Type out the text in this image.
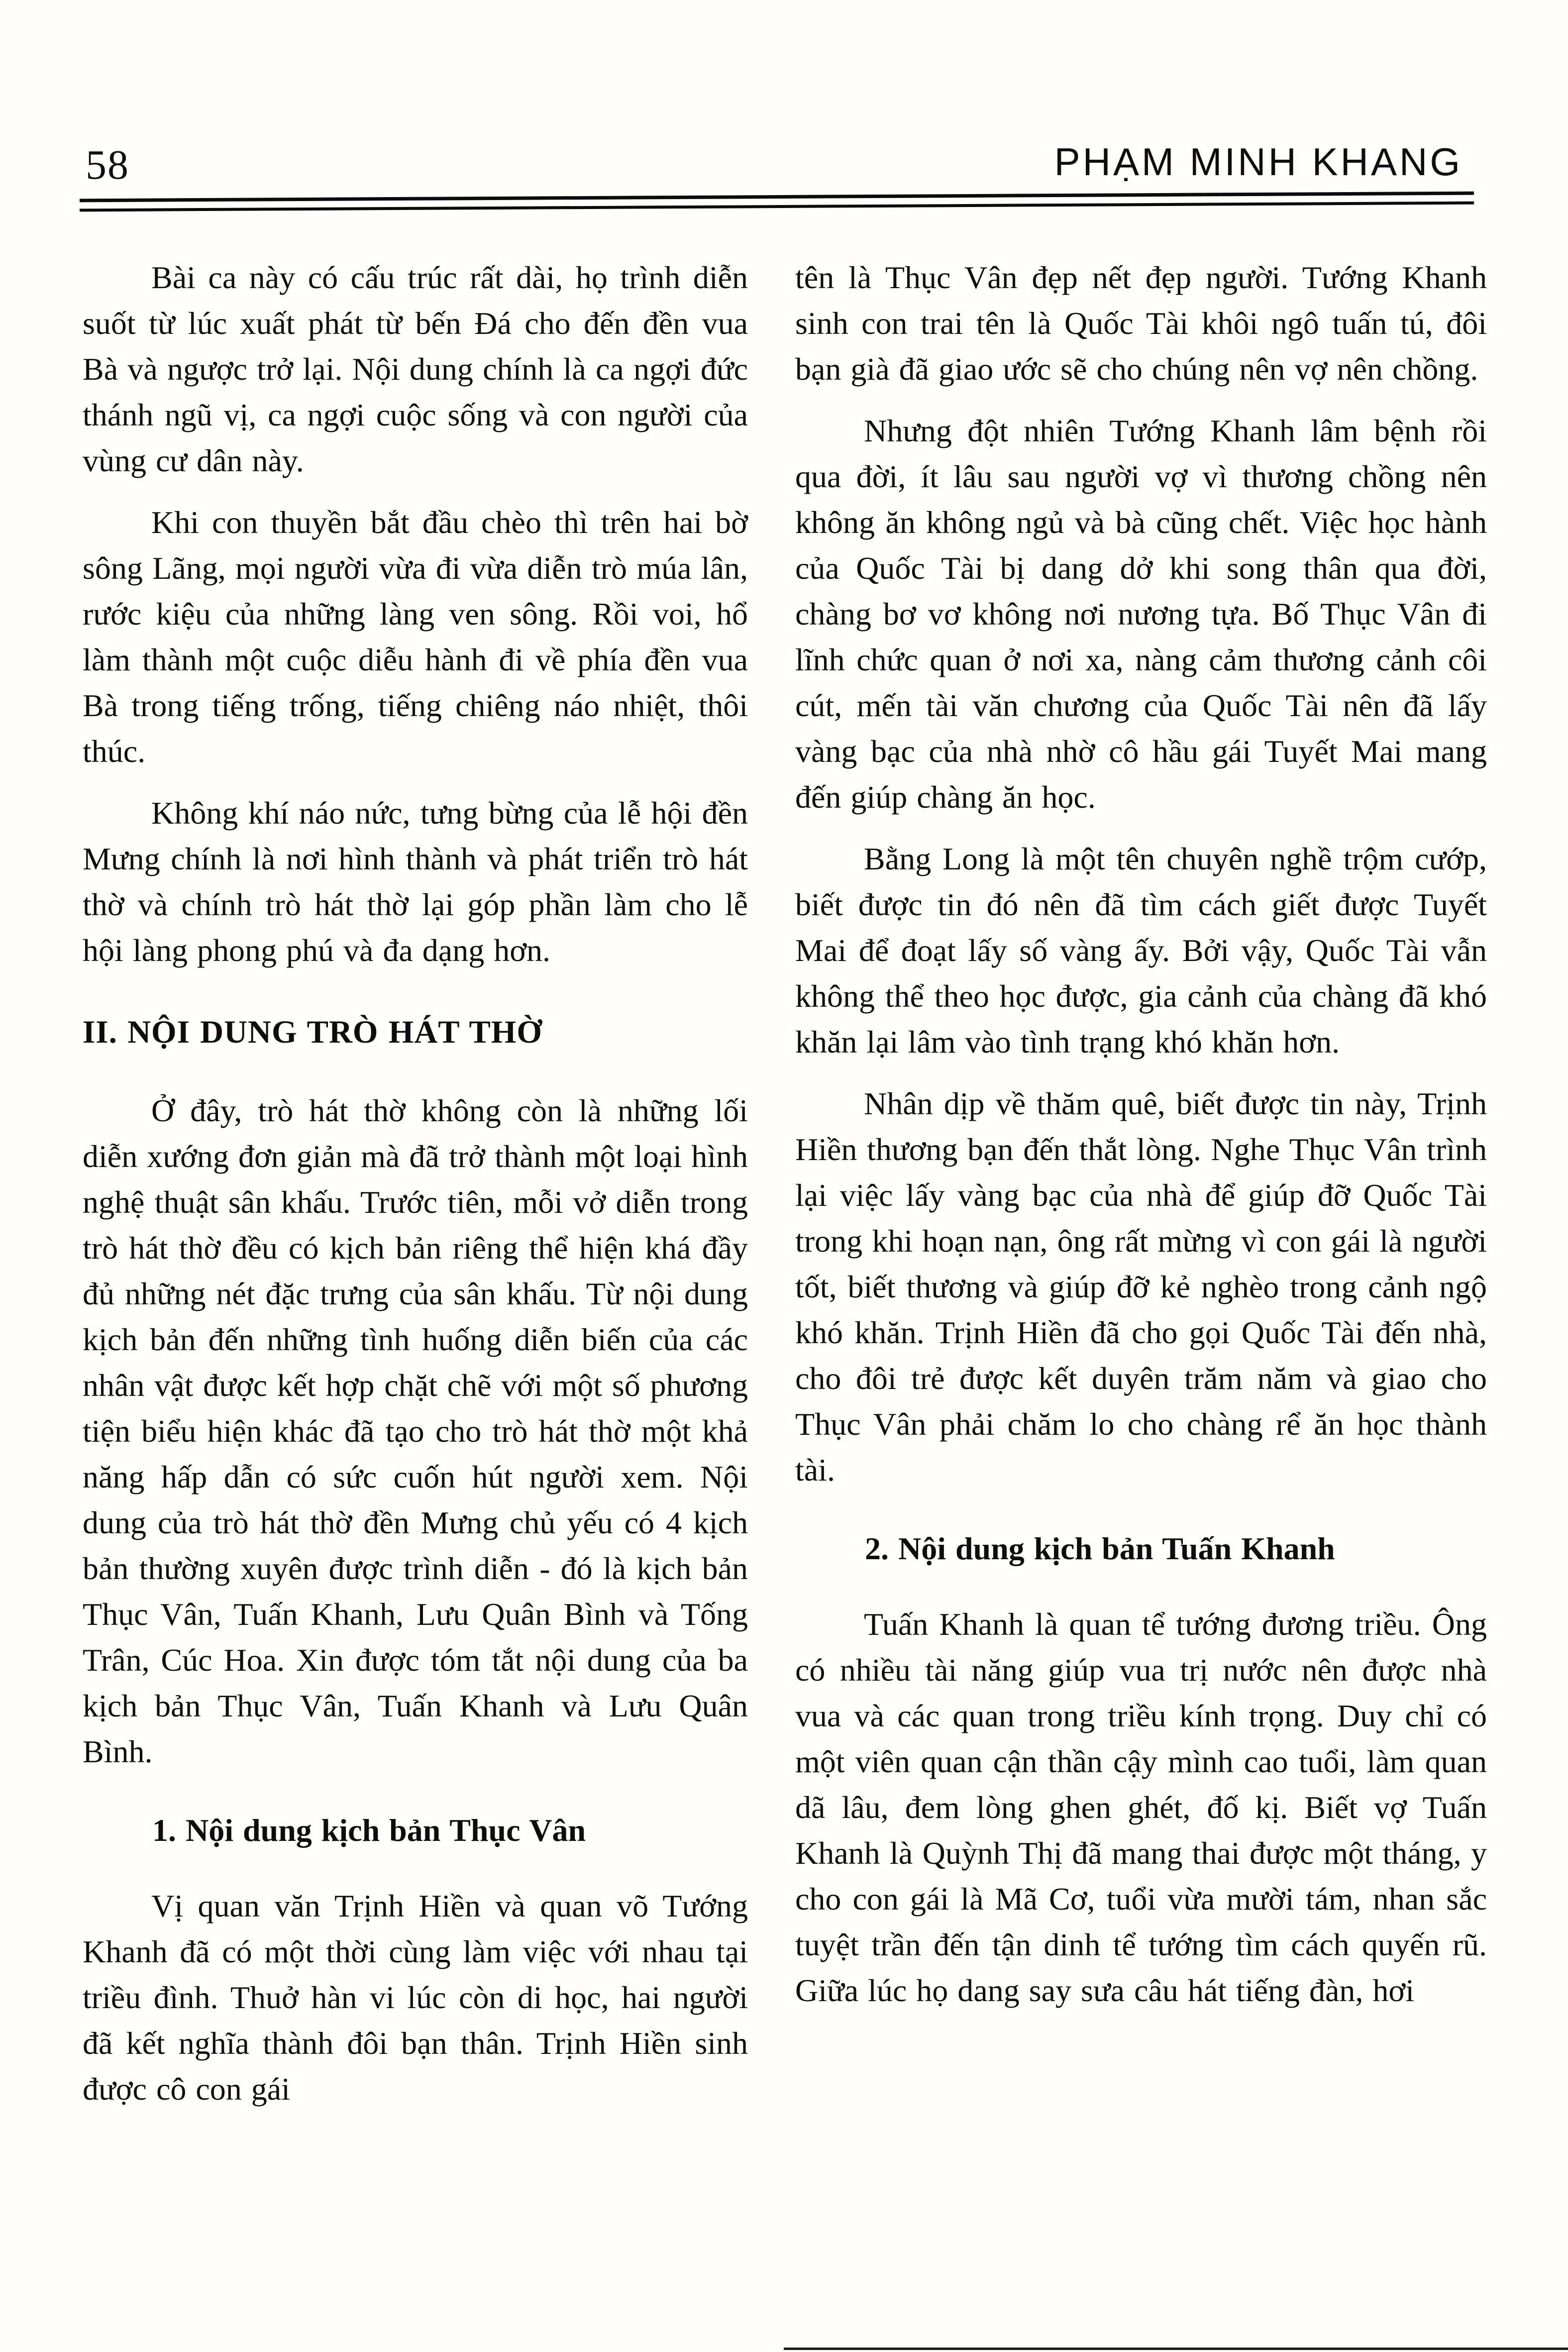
58	PHẠM MINH KHANG
Bài ca này có cấu trúc rất dài, họ trình diễn suốt từ lúc xuất phát từ bến Đá cho đến đền vua Bà và ngược trở lại. Nội dung chính là ca ngợi đức thánh ngũ vị, ca ngợi cuộc sống và con người của vùng cư dân này.
Khi con thuyền bắt đầu chèo thì trên hai bờ sông Lãng, mọi người vừa đi vừa diễn trò múa lân, rước kiệu của những làng ven sông. Rồi voi, hổ làm thành một cuộc diễu hành đi về phía đền vua Bà trong tiếng trống, tiếng chiêng náo nhiệt, thôi thúc.
Không khí náo nức, tưng bừng của lễ hội đền Mưng chính là nơi hình thành và phát triển trò hát thờ và chính trò hát thờ lại góp phần làm cho lễ hội làng phong phú và đa dạng hơn.
II. NỘI DUNG TRÒ HÁT THỜ
Ở đây, trò hát thờ không còn là những lối diễn xướng đơn giản mà đã trở thành một loại hình nghệ thuật sân khấu. Trước tiên, mỗi vở diễn trong trò hát thờ đều có kịch bản riêng thể hiện khá đầy đủ những nét đặc trưng của sân khấu. Từ nội dung kịch bản đến những tình huống diễn biến của các nhân vật được kết hợp chặt chẽ với một số phương tiện biểu hiện khác đã tạo cho trò hát thờ một khả năng hấp dẫn có sức cuốn hút người xem. Nội dung của trò hát thờ đền Mưng chủ yếu có 4 kịch bản thường xuyên được trình diễn - đó là kịch bản Thục Vân, Tuấn Khanh, Lưu Quân Bình và Tống Trân, Cúc Hoa. Xin được tóm tắt nội dung của ba kịch bản Thục Vân, Tuấn Khanh và Lưu Quân Bình.
1. Nội dung kịch bản Thục Vân
Vị quan văn Trịnh Hiền và quan võ Tướng Khanh đã có một thời cùng làm việc với nhau tại triều đình. Thuở hàn vi lúc còn di học, hai người đã kết nghĩa thành đôi bạn thân. Trịnh Hiền sinh được cô con gái
tên là Thục Vân đẹp nết đẹp người. Tướng Khanh sinh con trai tên là Quốc Tài khôi ngô tuấn tú, đôi bạn già đã giao ước sẽ cho chúng nên vợ nên chồng.
Nhưng đột nhiên Tướng Khanh lâm bệnh rồi qua đời, ít lâu sau người vợ vì thương chồng nên không ăn không ngủ và bà cũng chết. Việc học hành của Quốc Tài bị dang dở khi song thân qua đời, chàng bơ vơ không nơi nương tựa. Bố Thục Vân đi lĩnh chức quan ở nơi xa, nàng cảm thương cảnh côi cút, mến tài văn chương của Quốc Tài nên đã lấy vàng bạc của nhà nhờ cô hầu gái Tuyết Mai mang đến giúp chàng ăn học.
Bằng Long là một tên chuyên nghề trộm cướp, biết được tin đó nên đã tìm cách giết được Tuyết Mai để đoạt lấy số vàng ấy. Bởi vậy, Quốc Tài vẫn không thể theo học được, gia cảnh của chàng đã khó khăn lại lâm vào tình trạng khó khăn hơn.
Nhân dịp về thăm quê, biết được tin này, Trịnh Hiền thương bạn đến thắt lòng. Nghe Thục Vân trình lại việc lấy vàng bạc của nhà để giúp đỡ Quốc Tài trong khi hoạn nạn, ông rất mừng vì con gái là người tốt, biết thương và giúp đỡ kẻ nghèo trong cảnh ngộ khó khăn. Trịnh Hiền đã cho gọi Quốc Tài đến nhà, cho đôi trẻ được kết duyên trăm năm và giao cho Thục Vân phải chăm lo cho chàng rể ăn học thành tài.
2. Nội dung kịch bản Tuấn Khanh
Tuấn Khanh là quan tể tướng đương triều. Ông có nhiều tài năng giúp vua trị nước nên được nhà vua và các quan trong triều kính trọng. Duy chỉ có một viên quan cận thần cậy mình cao tuổi, làm quan dã lâu, đem lòng ghen ghét, đố kị. Biết vợ Tuấn Khanh là Quỳnh Thị đã mang thai được một tháng, y cho con gái là Mã Cơ, tuổi vừa mười tám, nhan sắc tuyệt trần đến tận dinh tể tướng tìm cách quyến rũ. Giữa lúc họ dang say sưa câu hát tiếng đàn, hơi
